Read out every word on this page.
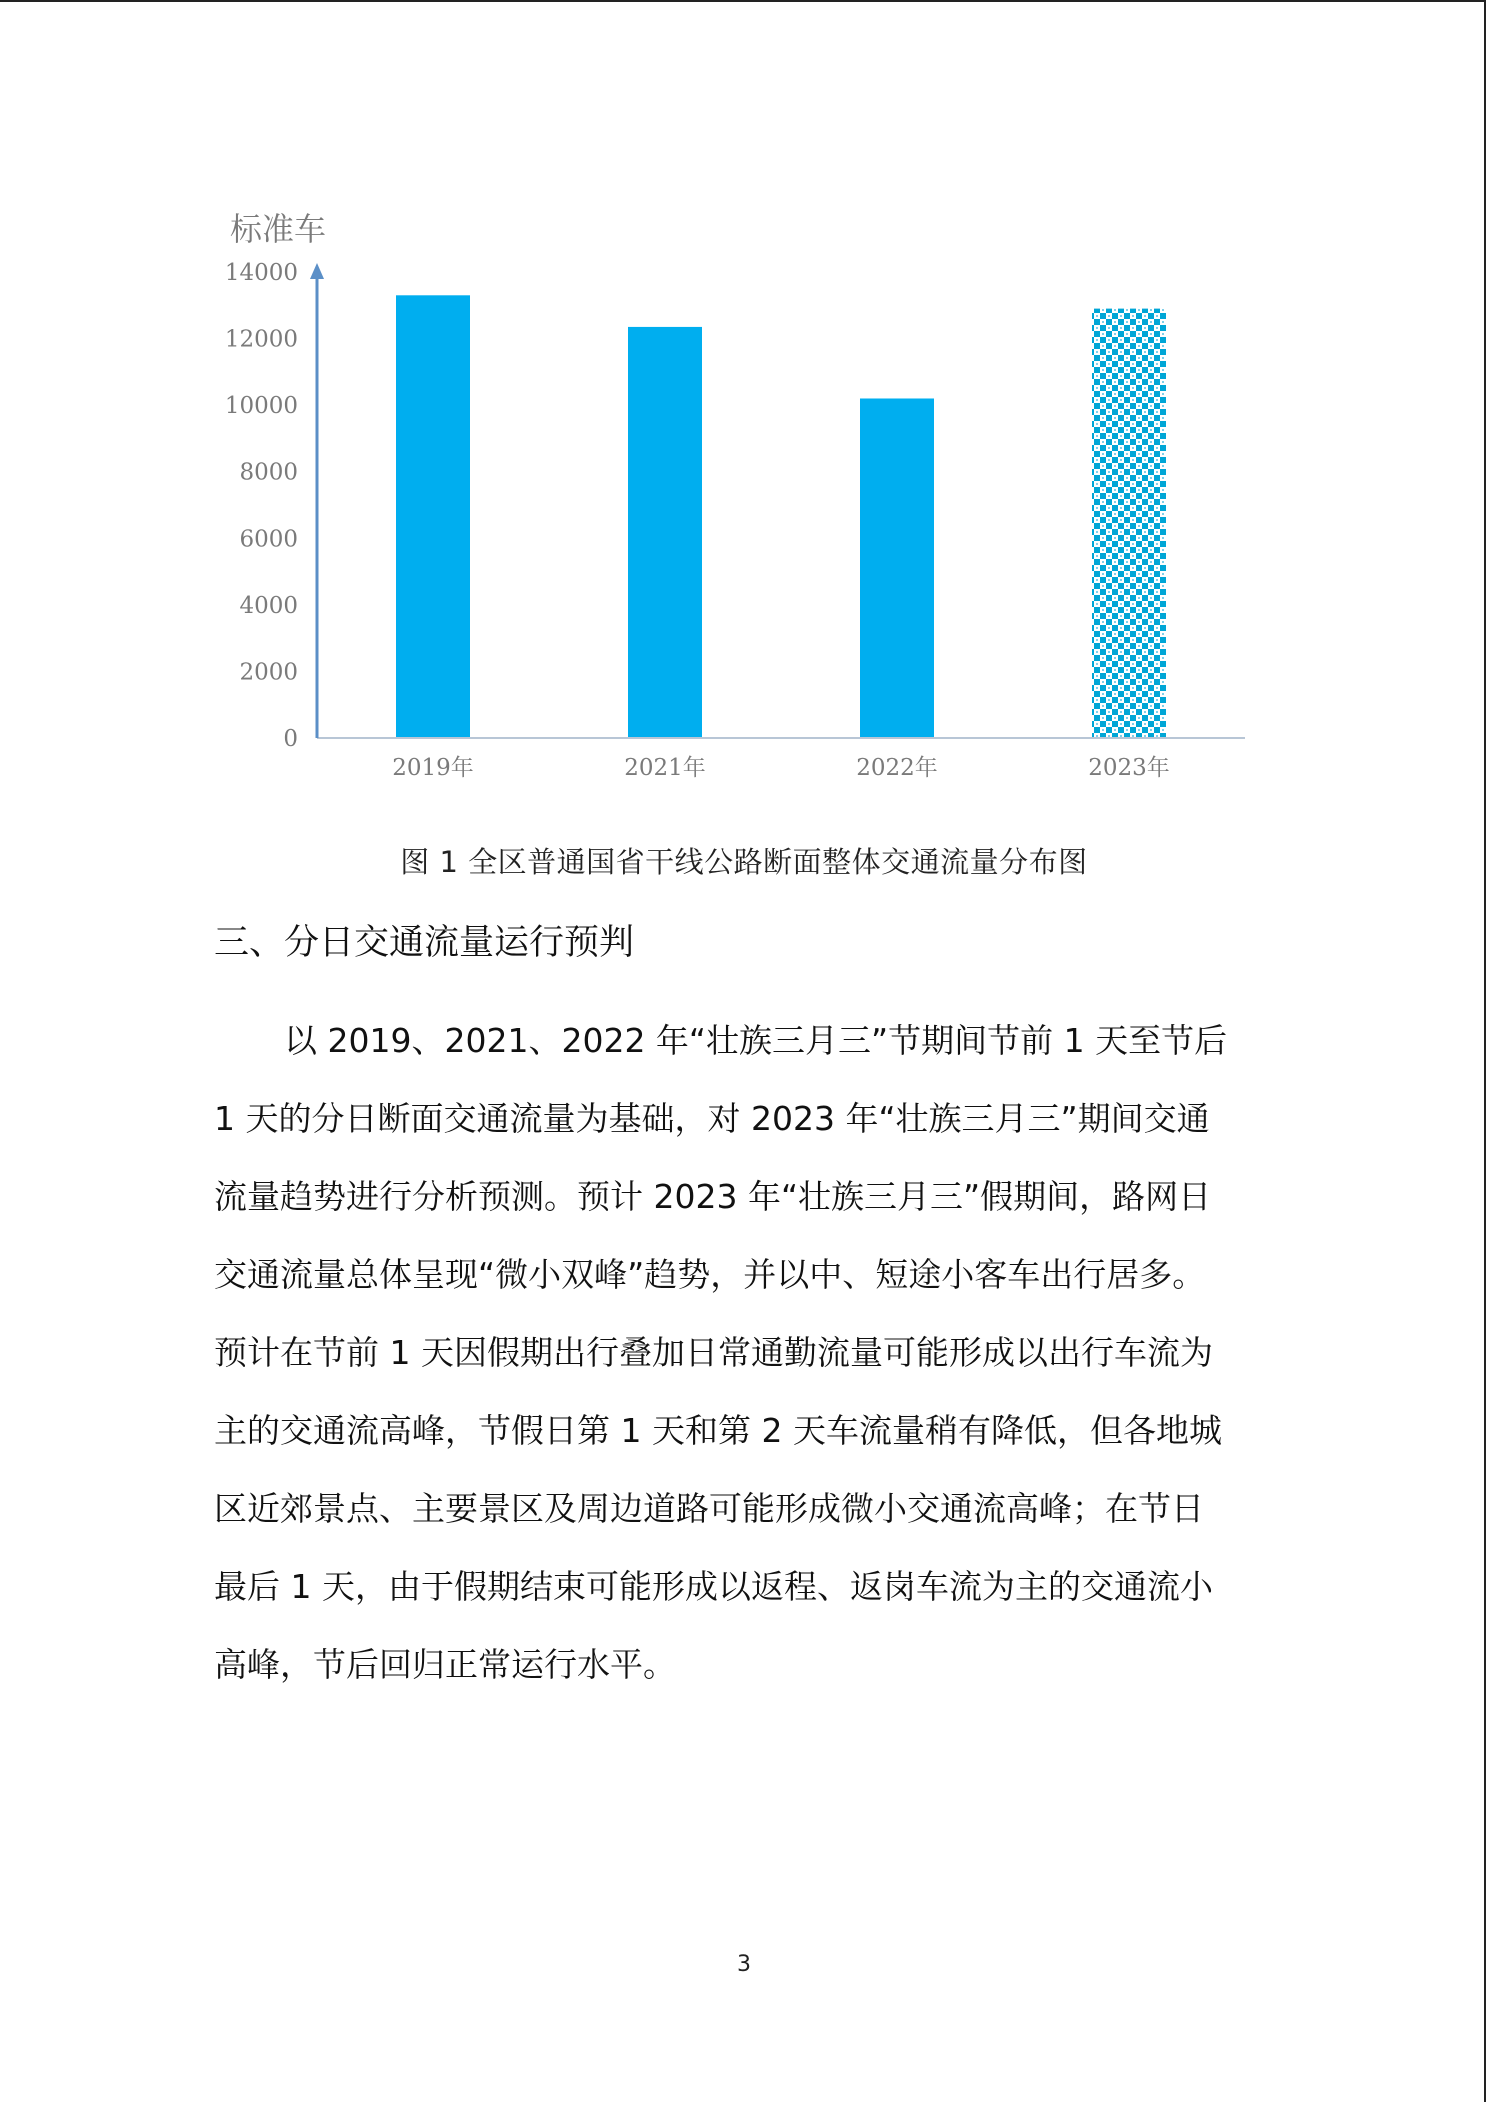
标准车
0
2000
4000
6000
8000
10000
12000
14000
2019年	2021年	2022年	2023年
图 1 全区普通国省干线公路断面整体交通流量分布图
三、分日交通流量运行预判

以 2019、2021、2022 年“壮族三月三”节期间节前 1 天至节后

1 天的分日断面交通流量为基础，对 2023 年“壮族三月三”期间交通

流量趋势进行分析预测。预计 2023 年“壮族三月三”假期间，路网日

交通流量总体呈现“微小双峰”趋势，并以中、短途小客车出行居多。

预计在节前 1 天因假期出行叠加日常通勤流量可能形成以出行车流为

主的交通流高峰，节假日第 1 天和第 2 天车流量稍有降低，但各地城

区近郊景点、主要景区及周边道路可能形成微小交通流高峰；在节日

最后 1 天，由于假期结束可能形成以返程、返岗车流为主的交通流小

高峰，节后回归正常运行水平。

3
